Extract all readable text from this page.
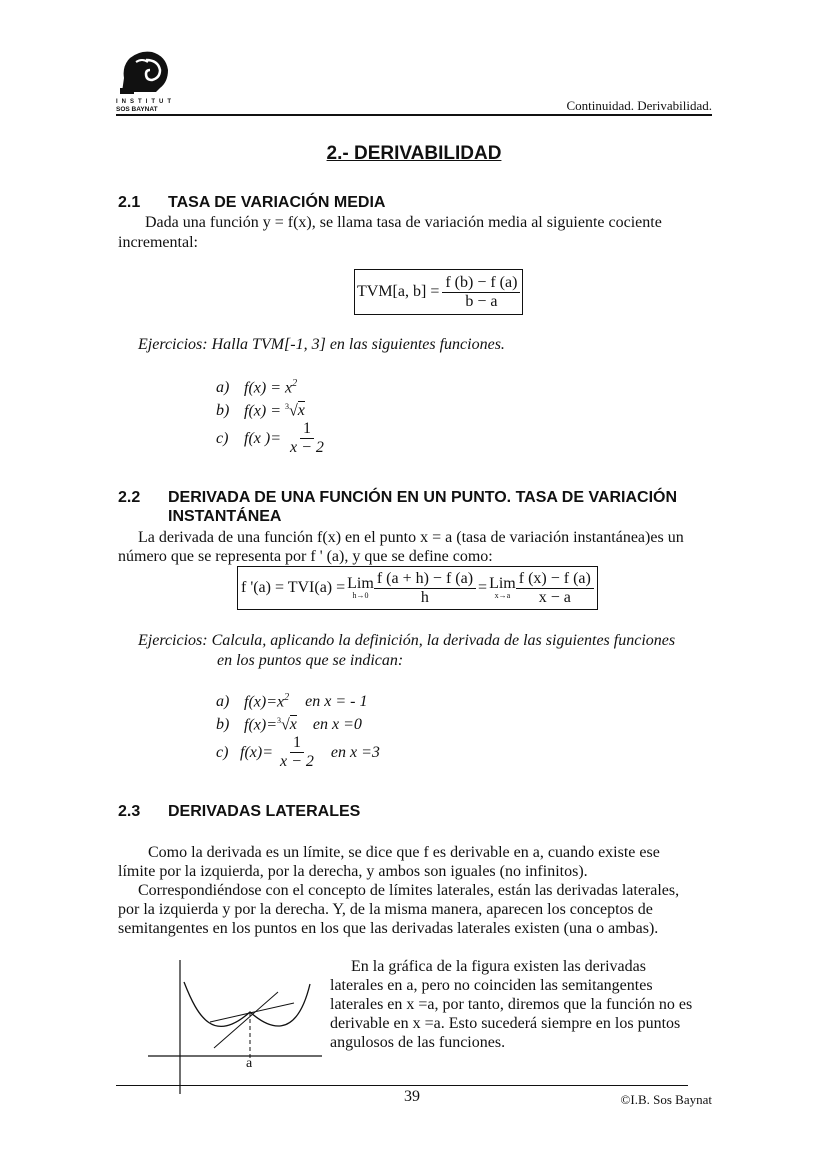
INSTITUT
SOS BAYNAT	Continuidad. Derivabilidad.
2.- DERIVABILIDAD
2.1 TASA DE VARIACIÓN MEDIA
Dada una función y = f(x), se llama tasa de variación media al siguiente cociente
incremental:
TVM[a, $b] = \frac{f (b) - f (a)}{b - a}$
Ejercicios: Halla TVM[-1, 3] en las siguientes funciones.
a) $f(x) = x^2$
b) f(x) = $^3$√x
c) f(x )= $\frac{1}{x - 2}$
2.2 DERIVADA DE UNA FUNCIÓN EN UN PUNTO. TASA DE VARIACIÓN
INSTANTÁNEA
La derivada de una función f(x) en el punto x = a (tasa de variación instantánea)es un
número que se representa por f ' (a), y que se define como:
f '(a) = TVI(a) = Lim
$h\to 0 \frac{f (a + h) - f (a)}{h}$ = Lim
$x\to a \frac{f (x) - f (a)}{x - a}$
Ejercicios: Calcula, aplicando la definición, la derivada de las siguientes funciones
en los puntos que se indican:
a) $f(x)=x^2$ en x = - 1
b) f(x)=$^3$√x en x =0
c) $f(x)= \frac{1}{x - 2}$ en x =3
2.3 DERIVADAS LATERALES
Como la derivada es un límite, se dice que f es derivable en a, cuando existe ese
límite por la izquierda, por la derecha, y ambos son iguales (no infinitos).
Correspondiéndose con el concepto de límites laterales, están las derivadas laterales,
por la izquierda y por la derecha. Y, de la misma manera, aparecen los conceptos de
semitangentes en los puntos en los que las derivadas laterales existen (una o ambas).
a
En la gráfica de la figura existen las derivadas
laterales en a, pero no coinciden las semitangentes
laterales en x =a, por tanto, diremos que la función no es
derivable en x =a. Esto sucederá siempre en los puntos
angulosos de las funciones.
39	©I.B. Sos Baynat
